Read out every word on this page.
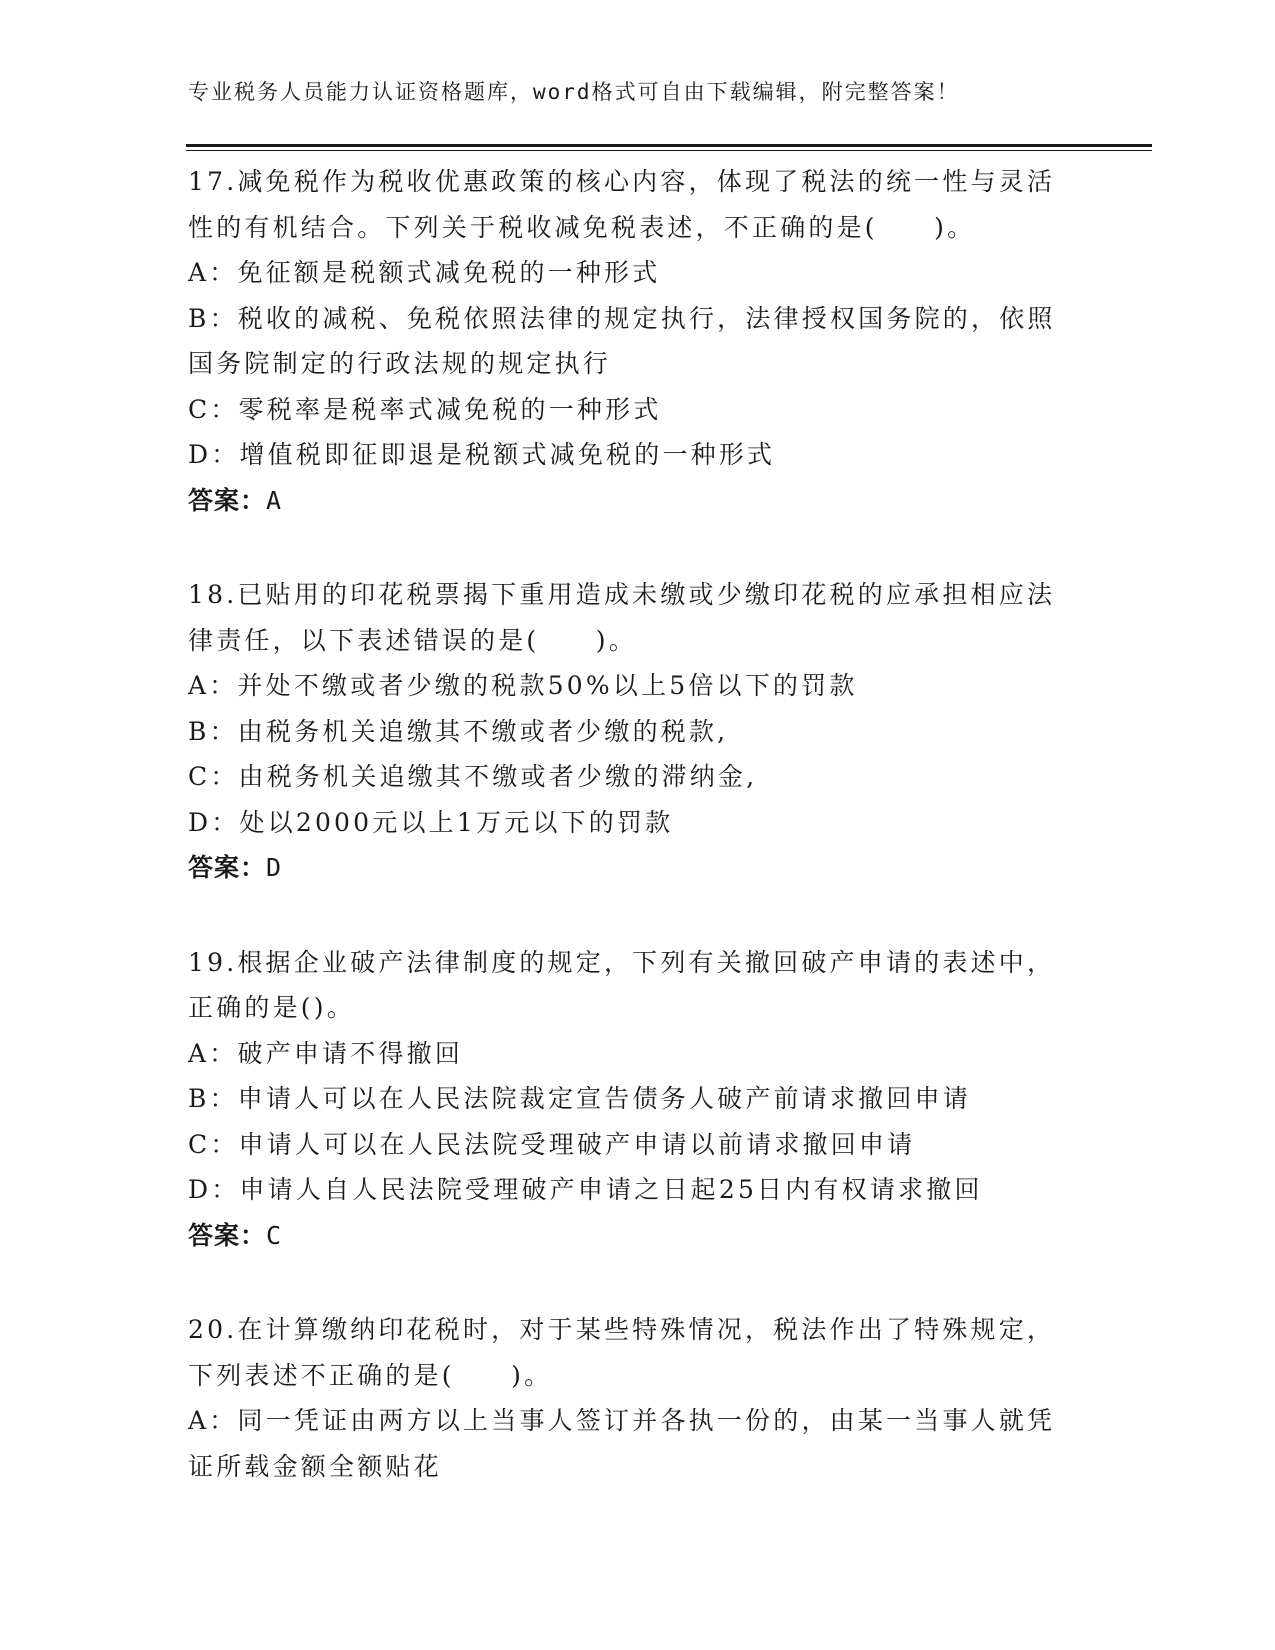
专业税务人员能力认证资格题库，word格式可自由下载编辑，附完整答案！
17.减免税作为税收优惠政策的核心内容，体现了税法的统一性与灵活
性的有机结合。下列关于税收减免税表述，不正确的是(　　)。
A：免征额是税额式减免税的一种形式
B：税收的减税、免税依照法律的规定执行，法律授权国务院的，依照
国务院制定的行政法规的规定执行
C：零税率是税率式减免税的一种形式
D：增值税即征即退是税额式减免税的一种形式
答案：A
18.已贴用的印花税票揭下重用造成未缴或少缴印花税的应承担相应法
律责任，以下表述错误的是(　　)。
A：并处不缴或者少缴的税款50%以上5倍以下的罚款
B：由税务机关追缴其不缴或者少缴的税款,
C：由税务机关追缴其不缴或者少缴的滞纳金,
D：处以2000元以上1万元以下的罚款
答案：D
19.根据企业破产法律制度的规定，下列有关撤回破产申请的表述中，
正确的是()。
A：破产申请不得撤回
B：申请人可以在人民法院裁定宣告债务人破产前请求撤回申请
C：申请人可以在人民法院受理破产申请以前请求撤回申请
D：申请人自人民法院受理破产申请之日起25日内有权请求撤回
答案：C
20.在计算缴纳印花税时，对于某些特殊情况，税法作出了特殊规定，
下列表述不正确的是(　　)。
A：同一凭证由两方以上当事人签订并各执一份的，由某一当事人就凭
证所载金额全额贴花
